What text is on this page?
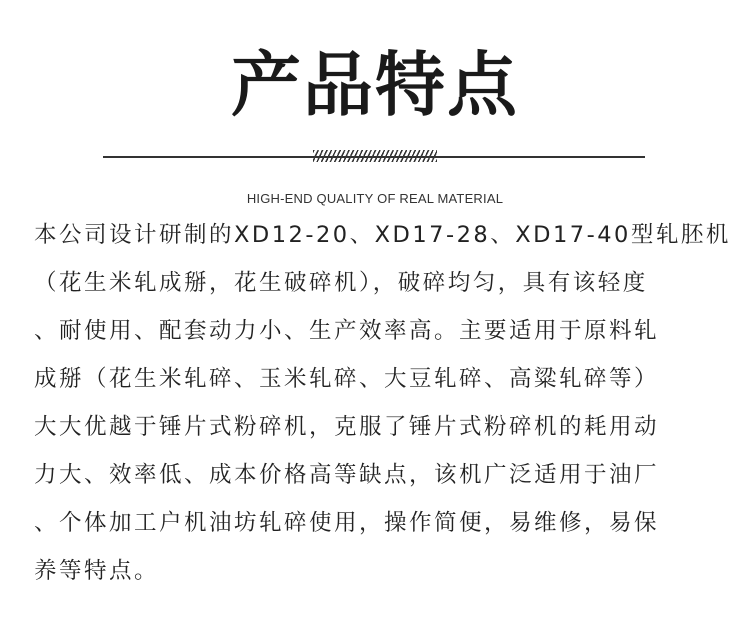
产品特点
HIGH-END QUALITY OF REAL MATERIAL
本公司设计研制的XD12-20、XD17-28、XD17-40型轧胚机
（花生米轧成掰，花生破碎机），破碎均匀，具有该轻度
、耐使用、配套动力小、生产效率高。主要适用于原料轧
成掰（花生米轧碎、玉米轧碎、大豆轧碎、高粱轧碎等）
大大优越于锤片式粉碎机，克服了锤片式粉碎机的耗用动
力大、效率低、成本价格高等缺点，该机广泛适用于油厂
、个体加工户机油坊轧碎使用，操作简便，易维修，易保
养等特点。
